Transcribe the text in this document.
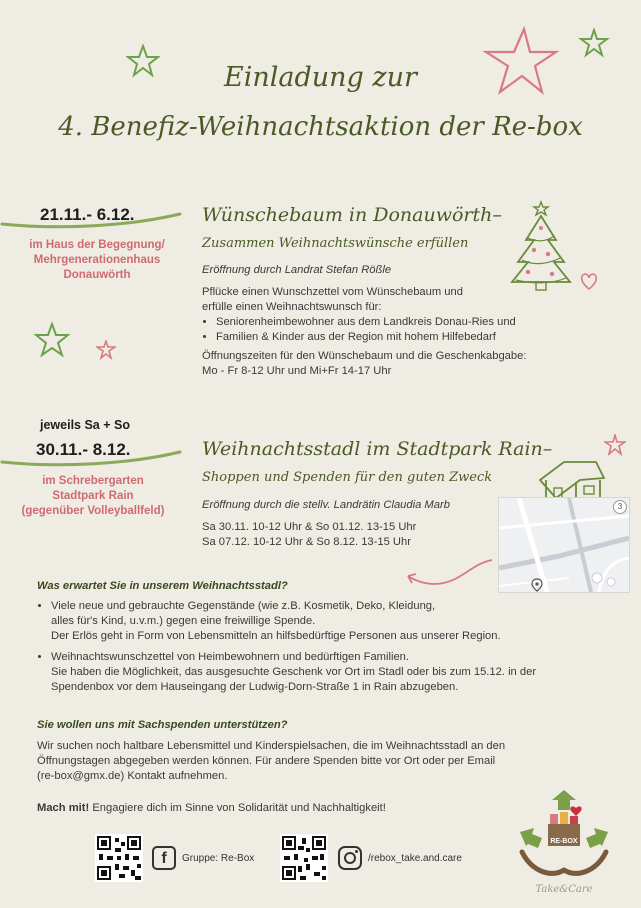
Einladung zur
4. Benefiz-Weihnachtsaktion der Re-box
21.11.- 6.12.
im Haus der Begegnung/
Mehrgenerationenhaus
Donauwörth
Wünschebaum in Donauwörth–
Zusammen Weihnachtswünsche erfüllen
Eröffnung durch Landrat Stefan Rößle
Pflücke einen Wunschzettel vom Wünschebaum und
erfülle einen Weihnachtswunsch für:
• Seniorenheimbewohner aus dem Landkreis Donau-Ries und
• Familien & Kinder aus der Region mit hohem Hilfebedarf
Öffnungszeiten für den Wünschebaum und die Geschenkabgabe:
Mo - Fr 8-12 Uhr und Mi+Fr 14-17 Uhr
jeweils Sa + So
30.11.- 8.12.
im Schrebergarten
Stadtpark Rain
(gegenüber Volleyballfeld)
Weihnachtsstadl im Stadtpark Rain–
Shoppen und Spenden für den guten Zweck
Eröffnung durch die stellv. Landrätin Claudia Marb
Sa 30.11. 10-12 Uhr & So 01.12. 13-15 Uhr
Sa 07.12. 10-12 Uhr & So 8.12. 13-15 Uhr
3
Was erwartet Sie in unserem Weihnachtsstadl?
• Viele neue und gebrauchte Gegenstände (wie z.B. Kosmetik, Deko, Kleidung,
alles für's Kind, u.v.m.) gegen eine freiwillige Spende.
Der Erlös geht in Form von Lebensmitteln an hilfsbedürftige Personen aus unserer Region.
• Weihnachtswunschzettel von Heimbewohnern und bedürftigen Familien.
Sie haben die Möglichkeit, das ausgesuchte Geschenk vor Ort im Stadl oder bis zum 15.12. in der
Spendenbox vor dem Hauseingang der Ludwig-Dorn-Straße 1 in Rain abzugeben.
Sie wollen uns mit Sachspenden unterstützen?
Wir suchen noch haltbare Lebensmittel und Kinderspielsachen, die im Weihnachtsstadl an den
Öffnungstagen abgegeben werden können. Für andere Spenden bitte vor Ort oder per Email
(re-box@gmx.de) Kontakt aufnehmen.
Mach mit! Engagiere dich im Sinne von Solidarität und Nachhaltigkeit!
f	Gruppe: Re-Box	/rebox_take.and.care
RE-BOX
Take&Care
